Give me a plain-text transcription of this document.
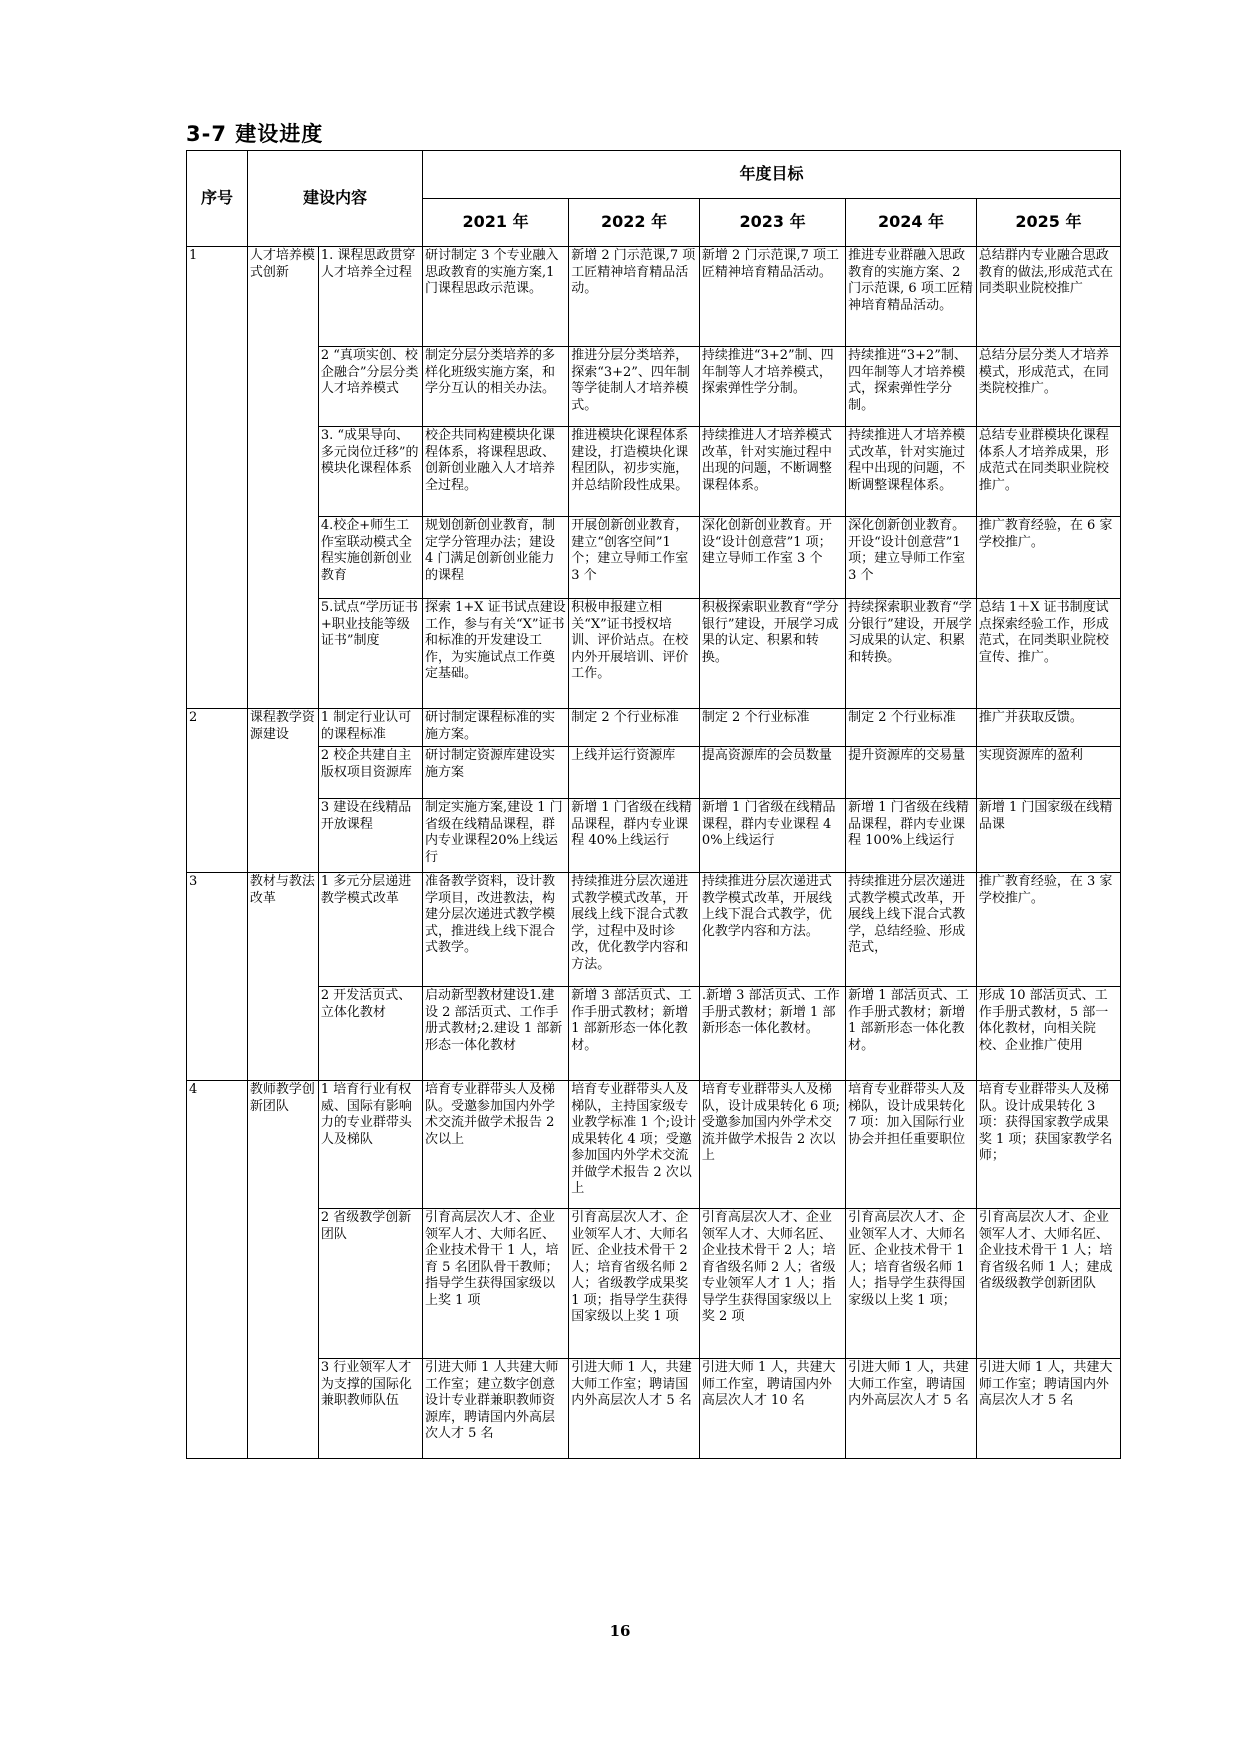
3-7 建设进度
序号	建设内容		年度目标				
			2021 年	2022 年	2023 年	2024 年	2025 年
1	人才培养模式创新	1. 课程思政贯穿人才培养全过程	研讨制定 3 个专业融入思政教育的实施方案,1 门课程思政示范课。	新增 2 门示范课,7 项工匠精神培育精品活动。	新增 2 门示范课,7 项工匠精神培育精品活动。	推进专业群融入思政教育的实施方案、2 门示范课, 6 项工匠精神培育精品活动。	总结群内专业融合思政教育的做法,形成范式在同类职业院校推广
		2 “真项实创、校企融合”分层分类人才培养模式	制定分层分类培养的多样化班级实施方案，和学分互认的相关办法。	推进分层分类培养，探索“3+2”、四年制等学徒制人才培养模式。	持续推进“3+2”制、四年制等人才培养模式，探索弹性学分制。	持续推进“3+2”制、四年制等人才培养模式，探索弹性学分制。	总结分层分类人才培养模式，形成范式，在同类院校推广。
		3. “成果导向、多元岗位迁移”的模块化课程体系	校企共同构建模块化课程体系，将课程思政、创新创业融入人才培养全过程。	推进模块化课程体系建设，打造模块化课程团队，初步实施，并总结阶段性成果。	持续推进人才培养模式改革，针对实施过程中出现的问题，不断调整课程体系。	持续推进人才培养模式改革，针对实施过程中出现的问题，不断调整课程体系。	总结专业群模块化课程体系人才培养成果，形成范式在同类职业院校推广。
		4.校企+师生工作室联动模式全程实施创新创业教育	规划创新创业教育，制定学分管理办法；建设 4 门满足创新创业能力的课程	开展创新创业教育，建立“创客空间”1 个；建立导师工作室 3 个	深化创新创业教育。开设“设计创意营”1 项；建立导师工作室 3 个	深化创新创业教育。开设“设计创意营”1 项；建立导师工作室 3 个	推广教育经验，在 6 家学校推广。
		5.试点“学历证书+职业技能等级证书”制度	探索 1+X 证书试点建设工作，参与有关“X”证书和标准的开发建设工作，为实施试点工作奠定基础。	积极申报建立相关“X”证书授权培训、评价站点。在校内外开展培训、评价工作。	积极探索职业教育“学分银行”建设，开展学习成果的认定、积累和转换。	持续探索职业教育“学分银行”建设，开展学习成果的认定、积累和转换。	总结 1＋X 证书制度试点探索经验工作，形成范式，在同类职业院校宣传、推广。
2	课程教学资源建设	1 制定行业认可的课程标准	研讨制定课程标准的实施方案。	制定 2 个行业标准	制定 2 个行业标准	制定 2 个行业标准	推广并获取反馈。
		2 校企共建自主版权项目资源库	研讨制定资源库建设实施方案	上线并运行资源库	提高资源库的会员数量	提升资源库的交易量	实现资源库的盈利
		3 建设在线精品开放课程	制定实施方案,建设 1 门省级在线精品课程，群内专业课程20%上线运行	新增 1 门省级在线精品课程，群内专业课程 40%上线运行	新增 1 门省级在线精品课程，群内专业课程 40%上线运行	新增 1 门省级在线精品课程，群内专业课程 100%上线运行	新增 1 门国家级在线精品课
3	教材与教法改革	1 多元分层递进教学模式改革	准备教学资料，设计教学项目，改进教法，构建分层次递进式教学模式，推进线上线下混合式教学。	持续推进分层次递进式教学模式改革，开展线上线下混合式教学，过程中及时诊改，优化教学内容和方法。	持续推进分层次递进式教学模式改革，开展线上线下混合式教学，优化教学内容和方法。	持续推进分层次递进式教学模式改革，开展线上线下混合式教学，总结经验、形成范式，	推广教育经验，在 3 家学校推广。
		2 开发活页式、立体化教材	启动新型教材建设1.建设 2 部活页式、工作手册式教材;2.建设 1 部新形态一体化教材	新增 3 部活页式、工作手册式教材；新增 1 部新形态一体化教材。	.新增 3 部活页式、工作手册式教材；新增 1 部新形态一体化教材。	新增 1 部活页式、工作手册式教材；新增 1 部新形态一体化教材。	形成 10 部活页式、工作手册式教材，5 部一体化教材，向相关院校、企业推广使用
4	教师教学创新团队	1 培育行业有权威、国际有影响力的专业群带头人及梯队	培育专业群带头人及梯队。受邀参加国内外学术交流并做学术报告 2 次以上	培育专业群带头人及梯队，主持国家级专业教学标准 1 个;设计成果转化 4 项；受邀参加国内外学术交流并做学术报告 2 次以上	培育专业群带头人及梯队，设计成果转化 6 项;受邀参加国内外学术交流并做学术报告 2 次以上	培育专业群带头人及梯队，设计成果转化 7 项：加入国际行业协会并担任重要职位	培育专业群带头人及梯队。设计成果转化 3 项：获得国家教学成果奖 1 项；获国家教学名师；
		2 省级教学创新团队	引育高层次人才、企业领军人才、大师名匠、企业技术骨干 1 人，培育 5 名团队骨干教师；指导学生获得国家级以上奖 1 项	引育高层次人才、企业领军人才、大师名匠、企业技术骨干 2 人；培育省级名师 2 人；省级教学成果奖 1 项；指导学生获得国家级以上奖 1 项	引育高层次人才、企业领军人才、大师名匠、企业技术骨干 2 人；培育省级名师 2 人；省级专业领军人才 1 人；指导学生获得国家级以上奖 2 项	引育高层次人才、企业领军人才、大师名匠、企业技术骨干 1 人；培育省级名师 1 人；指导学生获得国家级以上奖 1 项；	引育高层次人才、企业领军人才、大师名匠、企业技术骨干 1 人；培育省级名师 1 人；建成省级级教学创新团队
		3 行业领军人才为支撑的国际化兼职教师队伍	引进大师 1 人共建大师工作室；建立数字创意设计专业群兼职教师资源库，聘请国内外高层次人才 5 名	引进大师 1 人，共建大师工作室；聘请国内外高层次人才 5 名	引进大师 1 人，共建大师工作室，聘请国内外高层次人才 10 名	引进大师 1 人，共建大师工作室，聘请国内外高层次人才 5 名	引进大师 1 人，共建大师工作室；聘请国内外高层次人才 5 名
16
